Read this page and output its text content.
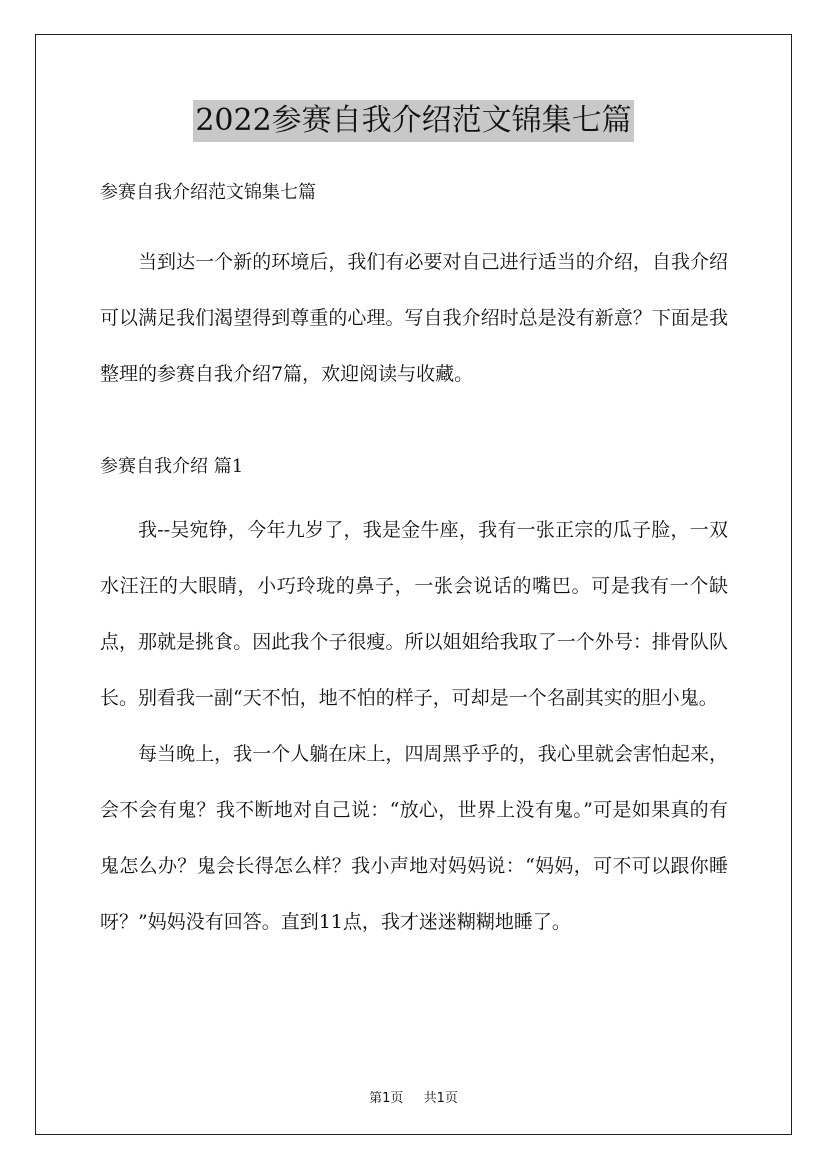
2022参赛自我介绍范文锦集七篇

参赛自我介绍范文锦集七篇

当到达一个新的环境后，我们有必要对自己进行适当的介绍，自我介绍可以满足我们渴望得到尊重的心理。写自我介绍时总是没有新意？下面是我整理的参赛自我介绍7篇，欢迎阅读与收藏。

参赛自我介绍 篇1

我--吴宛铮，今年九岁了，我是金牛座，我有一张正宗的瓜子脸，一双水汪汪的大眼睛，小巧玲珑的鼻子，一张会说话的嘴巴。可是我有一个缺点，那就是挑食。因此我个子很瘦。所以姐姐给我取了一个外号：排骨队队长。别看我一副“天不怕，地不怕的样子，可却是一个名副其实的胆小鬼。

每当晚上，我一个人躺在床上，四周黑乎乎的，我心里就会害怕起来，会不会有鬼？我不断地对自己说：“放心，世界上没有鬼。”可是如果真的有鬼怎么办？鬼会长得怎么样？我小声地对妈妈说：“妈妈，可不可以跟你睡呀？”妈妈没有回答。直到11点，我才迷迷糊糊地睡了。

第1页 共1页
